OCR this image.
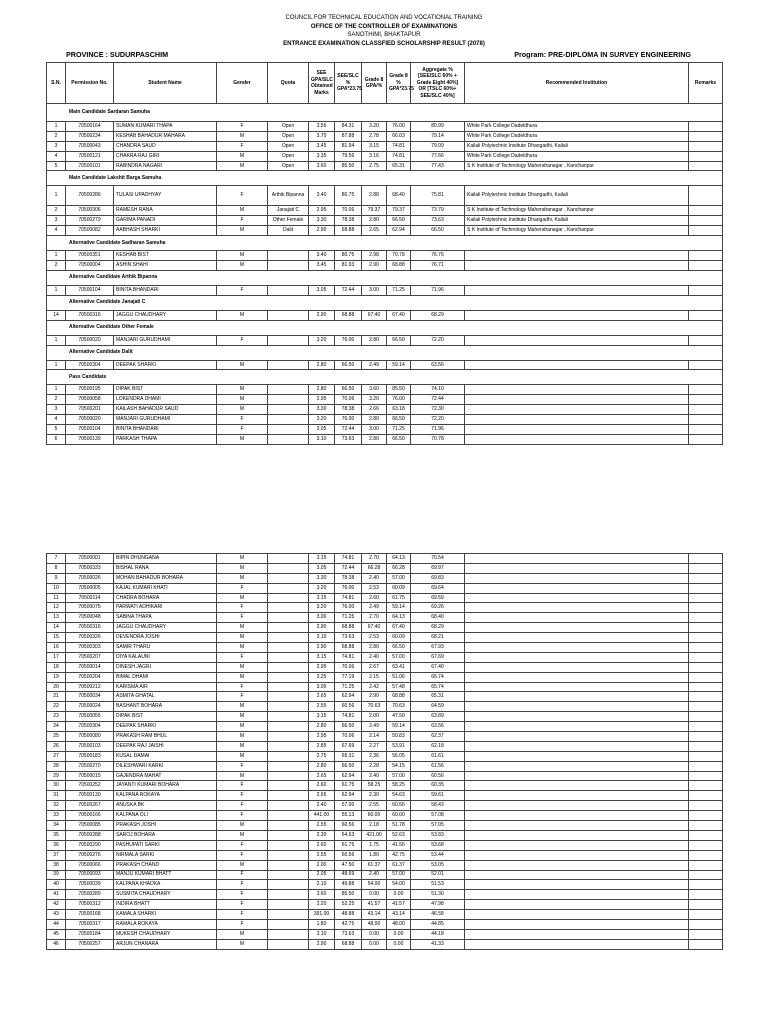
COUNCIL FOR TECHNICAL EDUCATION AND VOCATIONAL TRAINING
OFFICE OF THE CONTROLLER OF EXAMINATIONS
SANOTHIMI, BHAKTAPUR
ENTRANCE EXAMINATION CLASSFIED SCHOLARSHIP RESULT (2078)
PROVINCE : SUDURPASCHIM	Program: PRE-DIPLOMA IN SURVEY ENGINEERING
S.N.	Permission No.	Student Name	Gender	Quota	SEE GPA/SLC Obtained Marks	SEE/SLC % GPA*23.75	Grade 8 GPA/%	Grade 8 % GPA*23.75	Aggregate %[SEE/SLC 60% + Grade Eight 40%] OR [TSLC 60%+ SEE/SLC 40%]	Recommended Institution	Remarks
Main Candidate Sardaran Samuha											
1	70500164	SUMAN KUMARI THAPA	F	Open	3.55	84.31	3.20	76.00	80.99	White Park College Dadeldhura	
2	70500234	KESHAB BAHADUR MAHARA	M	Open	3.70	87.88	2.78	66.03	79.14	White Park College Dadeldhura	
3	70500043	CHANDRA SAUD	F	Open	3.45	81.94	3.15	74.81	79.09	Kailali Polytechnic Institute Dhangadhi, Kailali	
4	70500121	CHAKRA RAJ GIRI	M	Open	3.35	79.56	3.16	74.81	77.66	White Park College Dadeldhura	
5	70500101	RABINDRA NAGARI	M	Open	3.60	85.50	2.75	65.31	77.43	S K Institute of Technology Mahendranagar , Kanchanpur	
Main Candidate Lakshit Barga Samuha											
1	70500286	TULASI UPADHYAY	F	Arthik Bipanna	3.40	80.75	2.88	68.40	75.81	Kailali Polytechnic Institute Dhangadhi, Kailali	
2	70500306	RAMESH RANA	M	Janajati C	2.95	70.06	79.37	79.37	73.79	S K Institute of Technology Mahendranagar , Kanchanpur	
3	70500279	GARIMA PANADI	F	Other Female	3.30	78.38	2.80	66.50	73.63	Kailali Polytechnic Institute Dhangadhi, Kailali	
4	70500082	AABHASH SHARKI	M	Dalit	2.90	68.88	2.65	62.94	66.50	S K Institute of Technology Mahendranagar , Kanchanpur	
Alternative Candidate Sadharan Samuha											
1	70500351	KESHAB BIST	M		3.40	80.75	2.98	70.78	76.76		
2	70500004	ASHIN SHAHI	M		3.45	81.93	2.90	68.88	76.71		
Alternative Candidate Arthik Bipanna											
1	70500104	BINITA BHANDARI	F		3.05	72.44	3.00	71.25	71.96		
Alternative Candidate Janajati C											
14	70500316	JAGGU CHAUDHARY	M		2.90	68.88	67.40	67.40	68.29		
Alternative Candidate Other Female											
1	70500020	MANJARI GURUDHAMI	F		3.20	76.00	2.80	66.50	72.20		
Alternative Candidate Dalit											
1	70500304	DEEPAK SHARKI	M		2.80	66.50	2.49	59.14	63.56		
Pass Candidate											
1	70500195	DIPAK BIST	M		2.80	66.50	3.60	85.50	74.10		
2	70500058	LOKENDRA DHAMI	M		2.95	70.06	3.20	76.00	72.44		
3	70500201	KAILASH BAHADUR SAUD	M		3.30	78.38	2.66	63.18	72.30		
4	70500020	MANJARI GURUDHAMI	F		3.20	76.00	2.80	66.50	72.20		
5	70500104	BINITA BHANDARI	F		3.05	72.44	3.00	71.25	71.96		
6	70500139	PARKASH THAPA	M		3.10	73.63	2.80	66.50	70.78		
7	70500001	BIPIN DHUNGANA	M		3.15	74.81	2.70	64.13	70.54		
8	70500333	BISHAL RANA	M		3.05	72.44	66.28	66.28	69.97		
9	70500026	MOHAN BAHADUR BOHARA	M		3.30	78.38	2.40	57.00	69.83		
10	70500005	KAJAL KUMARI KHATI	F		3.20	76.00	2.53	60.09	69.64		
11	70500114	CHADRA BOHARA	M		3.15	74.81	2.60	61.75	69.59		
12	70500075	PARWATI ADHIKARI	F		3.20	76.00	2.49	59.14	69.26		
13	70500048	SABINA THAPA	F		3.00	71.25	2.70	64.13	68.40		
14	70500316	JAGGU CHAUDHARY	M		2.90	68.88	67.40	67.40	68.29		
15	70500326	DEVENDRA JOSHI	M		3.10	73.63	2.53	60.09	68.21		
16	70500303	SAMIR THARU	M		2.90	68.88	2.80	66.50	67.93		
17	70500207	DIYA KALAUNI	F		3.15	74.81	2.40	57.00	67.69		
18	70500014	DINESH JAGRI	M		2.95	70.06	2.67	63.41	67.40		
19	70500204	BIMAL DHAMI	M		3.25	77.19	2.15	51.06	66.74		
20	70500212	KARISMA AIR	F		3.00	71.25	2.42	57.48	65.74		
21	70500034	ASMITA GHATAL	F		2.65	62.94	2.90	68.88	65.31		
22	70500024	BASHANT BOHARA	M		2.55	60.56	70.63	70.63	64.59		
23	70500055	DIPAK BIST	M		3.15	74.81	2.00	47.50	63.89		
24	70500304	DEEPAK SHARKI	M		2.80	66.50	2.49	59.14	63.56		
25	70500080	PRAKASH RAM BHUL	M		2.95	70.06	2.14	50.83	62.37		
26	70500103	DEEPAK RAJ JAISHI	M		2.85	67.69	2.27	53.91	62.18		
27	70500183	KUSAL DAMAI	M		2.75	65.31	2.36	56.05	61.61		
28	70500270	DILESHWARI KARKI	F		2.80	66.50	2.28	54.15	61.56		
29	70500015	GAJENDRA MAHAT	M		2.65	62.94	2.40	57.00	60.56		
30	70500252	JAYANTI KUMARI BOHARA	F		2.60	61.75	58.25	58.25	60.35		
31	70500130	KALPANA ROKAYA	F		2.65	62.94	2.30	54.63	59.61		
32	70500267	ANUSKA BK	F		2.40	57.00	2.55	60.56	58.43		
33	70500166	KALPANA OLI	F		441.00	55.13	60.00	60.00	57.08		
34	70500085	PRAKASH JOSHI	M		2.55	60.56	2.18	51.78	57.05		
35	70500288	SAROJ BOHARA	M		2.30	54.63	421.00	52.63	53.83		
36	70500290	PASHUPATI SARKI	F		2.60	61.75	1.75	41.56	53.68		
37	70500276	NIRMALA SARKI	F		2.55	60.56	1.80	42.75	53.44		
38	70500066	PRAKASH CHAND	M		2.00	47.50	61.37	61.37	53.05		
39	70500093	MANJU KUMARI BHATT	F		2.05	48.69	2.40	57.00	52.01		
40	70500039	KALPANA KHADKA	F		2.10	49.88	54.00	54.00	51.53		
41	70500289	SUSMITA CHAUDHARY	F		3.60	85.50	0.00	0.00	51.30		
42	70500312	INDIRA BHATT	F		2.20	52.25	41.57	41.57	47.98		
43	70500168	KAMALA SHARKI	F		391.00	48.88	43.14	43.14	46.58		
44	70500317	RAMALA ROKAYA	F		1.80	42.75	48.00	48.00	44.85		
45	70500184	MUKESH CHAUDHARY	M		3.10	73.63	0.00	0.00	44.18		
46	70500257	ARJUN CHANARA	M		2.90	68.88	0.00	0.00	41.33		
